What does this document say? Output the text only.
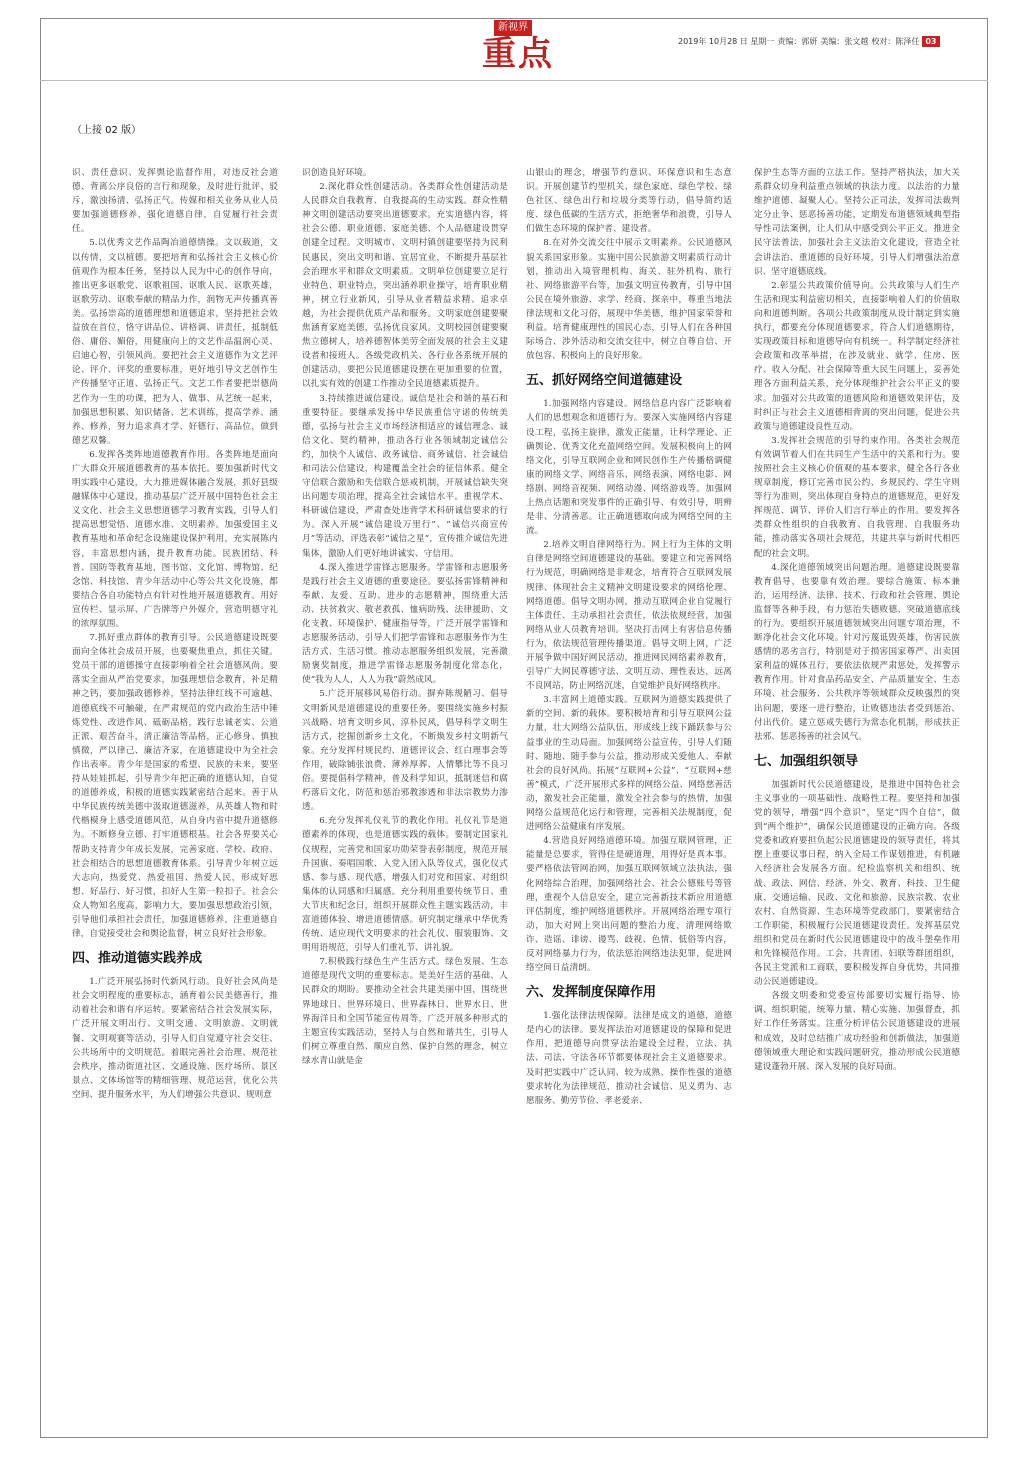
新视界
重点	2019年 10月28 日 星期一 责编：郭妍 美编：张文越 校对：陈泽任 03
（上接 02 版）

识、责任意识、发挥舆论监督作用，对违反社会道德、背离公序良俗的言行和现象，及时进行批评、驳斥，激浊扬清、弘扬正气。传媒和相关业务从业人员要加强道德修养，强化道德自律，自觉履行社会责任。

5.以优秀文艺作品陶冶道德情操。文以载道，文以传情，文以植德。要把培育和弘扬社会主义核心价值观作为根本任务，坚持以人民为中心的创作导向，推出更多讴歌党、讴歌祖国、讴歌人民、讴歌英雄，讴歌劳动、讴歌奉献的精品力作，润物无声传播真善美。弘扬崇高的道德理想和道德追求，坚持把社会效益放在首位，恪守讲品位、讲格调、讲责任，抵制低俗、庸俗、媚俗，用健康向上的文艺作品温润心灵、启迪心智，引领风尚。要把社会主义道德作为文艺评论、评介、评奖的重要标准，更好地引导文艺创作生产传播坚守正道、弘扬正气。文艺工作者要把崇德尚艺作为一生的功课，把为人、做事、从艺统一起来，加强思想积累、知识储备、艺术训练，提高学养、涵养、修养，努力追求真才学、好德行、高品位，做到德艺双馨。

6.发挥各类阵地道德教育作用。各类阵地是面向广大群众开展道德教育的基本依托。要加强新时代文明实践中心建设，大力推进媒体融合发展，抓好县级融媒体中心建设，推动基层广泛开展中国特色社会主义文化、社会主义思想道德学习教育实践，引导人们提高思想觉悟、道德水准、文明素养。加强爱国主义教育基地和革命纪念设施建设保护利用，充实展陈内容，丰富思想内涵，提升教育功能。民族团结、科普、国防等教育基地，图书馆、文化馆、博物馆、纪念馆、科技馆、青少年活动中心等公共文化设施，都要结合各自功能特点有针对性地开展道德教育。用好宣传栏、显示屏、广告牌等户外媒介，营造明德守礼的浓厚氛围。

7.抓好重点群体的教育引导。公民道德建设既要面向全体社会成员开展，也要聚焦重点，抓住关键。党员干部的道德操守直接影响着全社会道德风尚。要落实全面从严治党要求，加强理想信念教育，补足精神之钙，要加强政德修养，坚持法律红线不可逾越、道德底线不可触碰，在严肃规范的党内政治生活中锤炼党性、改进作风、砥砺品格，践行忠诚老实、公道正派、艰苦奋斗，清正廉洁等品格，正心修身、慎独慎微，严以律己、廉洁齐家，在道德建设中为全社会作出表率。青少年是国家的希望、民族的未来，要坚持从娃娃抓起，引导青少年把正确的道德认知，自觉的道德养成，积极的道德实践紧密结合起来。善于从中华民族传统美德中汲取道德滋养，从英雄人物和时代楷模身上感受道德风范，从自身内省中提升道德修为。不断修身立德、打牢道德根基。社会各界要关心帮助支持青少年成长发展，完善家庭、学校、政府、社会相结合的思想道德教育体系。引导青少年树立远大志向，热爱党、热爱祖国、热爱人民，形成好思想、好品行、好习惯，扣好人生第一粒扣子。社会公众人物知名度高，影响力大，要加强思想政治引领，引导他们承担社会责任，加强道德修养，注重道德自律，自觉接受社会和舆论监督，树立良好社会形象。

四、推动道德实践养成

1.广泛开展弘扬时代新风行动。良好社会风尚是社会文明程度的重要标志，涵育着公民美德善行，推动着社会和谐有序运转。要紧密结合社会发展实际，广泛开展文明出行、文明交通、文明旅游、文明就餐、文明观赛等活动，引导人们自觉遵守社会交往、公共场所中的文明规范。着眼完善社会治理、规范社会秩序，推动街道社区、交通设施、医疗场所、景区景点、文体场馆等的精细管理、规范运营，优化公共空间、提升服务水平，为人们增强公共意识、规则意

识创造良好环境。

2.深化群众性创建活动。各类群众性创建活动是人民群众自我教育、自我提高的生动实践。群众性精神文明创建活动要突出道德要求。充实道德内容，将社会公德、职业道德、家庭美德、个人品德建设贯穿创建全过程。文明城市、文明村镇创建要坚持为民利民惠民，突出文明和谐、宜居宜业，不断提升基层社会治理水平和群众文明素质。文明单位创建要立足行业特色、职业特点，突出涵养职业操守，培育职业精神，树立行业新风，引导从业者精益求精、追求卓越，为社会提供优质产品和服务。文明家庭创建要聚焦涵育家庭美德，弘扬优良家风。文明校园创建要聚焦立德树人，培养德智体美劳全面发展的社会主义建设者和接班人。各级党政机关、各行业各系统开展的创建活动，要把公民道德建设摆在更加重要的位置，以扎实有效的创建工作推动全民道德素质提升。

3.持续推进诚信建设。诚信是社会和谐的基石和重要特征。要继承发扬中华民族重信守诺的传统美德，弘扬与社会主义市场经济相适应的诚信理念、诚信文化、契约精神，推动各行业各领域制定诚信公约，加快个人诚信、政务诚信、商务诚信、社会诚信和司法公信建设，构建覆盖全社会的征信体系。健全守信联合激励和失信联合惩戒机制，开展诚信缺失突出问题专项治理，提高全社会诚信水平。重视学术、科研诚信建设，严肃查处违背学术科研诚信要求的行为。深入开展“诚信建设万里行”、“诚信兴商宣传月”等活动，评选表彰“诚信之星”，宣传推介诚信先进集体，激励人们更好地讲诚实、守信用。

4.深入推进学雷锋志愿服务。学雷锋和志愿服务是践行社会主义道德的重要途径。要弘扬雷锋精神和奉献、友爱、互助、进步的志愿精神，围绕重大活动、扶贫救灾、敬老救孤、恤病助残、法律援助、文化支教、环境保护、健康指导等，广泛开展学雷锋和志愿服务活动，引导人们把学雷锋和志愿服务作为生活方式、生活习惯。推动志愿服务组织发展，完善激励褒奖制度，推进学雷锋志愿服务制度化常态化，使“我为人人，人人为我”蔚然成风。

5.广泛开展移风易俗行动。摒弃陈规陋习、倡导文明新风是道德建设的重要任务。要围绕实施乡村振兴战略、培育文明乡风、淳朴民风，倡导科学文明生活方式，挖掘创新乡土文化，不断焕发乡村文明新气象。充分发挥村规民约、道德评议会、红白理事会等作用，破除铺张浪费、薄养厚葬、人情攀比等不良习俗。要提倡科学精神，普及科学知识，抵制迷信和腐朽落后文化，防范和惩治邪教渗透和非法宗教势力渗透。

6.充分发挥礼仪礼节的教化作用。礼仪礼节是道德素养的体现，也是道德实践的载体。要制定国家礼仪规程，完善党和国家功勋荣誉表彰制度，规范开展升国旗、奏唱国歌、入党入团入队等仪式，强化仪式感、参与感、现代感，增强人们对党和国家、对组织集体的认同感和归属感。充分利用重要传统节日、重大节庆和纪念日，组织开展群众性主题实践活动，丰富道德体验、增进道德情感。研究制定继承中华优秀传统、适应现代文明要求的社会礼仪、服装服饰、文明用语规范，引导人们重礼节、讲礼貌。

7.积极践行绿色生产生活方式。绿色发展、生态道德是现代文明的重要标志。是美好生活的基础、人民群众的期盼。要推动全社会共建美丽中国，围绕世界地球日、世界环境日、世界森林日、世界水日、世界海洋日和全国节能宣传周等，广泛开展多种形式的主题宣传实践活动，坚持人与自然和谐共生，引导人们树立尊重自然、顺应自然、保护自然的理念，树立绿水青山就是金

山银山的理念，增强节约意识、环保意识和生态意识。开展创建节约型机关、绿色家庭、绿色学校、绿色社区、绿色出行和垃圾分类等行动，倡导简约适度、绿色低碳的生活方式，拒绝奢华和浪费，引导人们做生态环境的保护者、建设者。

8.在对外交流交往中展示文明素养。公民道德风貌关系国家形象。实施中国公民旅游文明素质行动计划，推动出入境管理机构、海关、驻外机构、旅行社、网络旅游平台等，加强文明宣传教育，引导中国公民在境外旅游、求学、经商、探亲中，尊重当地法律法规和文化习俗，展现中华美德，维护国家荣誉和利益。培育健康理性的国民心态，引导人们在各种国际场合、涉外活动和交流交往中，树立自尊自信、开放包容、积极向上的良好形象。

五、抓好网络空间道德建设

1.加强网络内容建设。网络信息内容广泛影响着人们的思想观念和道德行为。要深入实施网络内容建设工程，弘扬主旋律，激发正能量，让科学理论、正确舆论、优秀文化充盈网络空间。发展积极向上的网络文化，引导互联网企业和网民创作生产传播格调健康的网络文学、网络音乐、网络表演、网络电影、网络剧、网络音视频、网络动漫、网络游戏等。加强网上热点话题和突发事件的正确引导、有效引导，明辨是非、分清善恶。让正确道德取向成为网络空间的主流。

2.培养文明自律网络行为。网上行为主体的文明自律是网络空间道德建设的基础。要建立和完善网络行为规范，明确网络是非观念，培育符合互联网发展规律、体现社会主义精神文明建设要求的网络伦理、网络道德。倡导文明办网，推动互联网企业自觉履行主体责任、主动承担社会责任，依法依规经营，加强网络从业人员教育培训。坚决打击网上有害信息传播行为，依法规范管理传播渠道。倡导文明上网，广泛开展争做中国好网民活动，推进网民网络素养教育，引导广大网民尊德守法、文明互动、理性表达，远离不良网站，防止网络沉迷，自觉维护良好网络秩序。

3.丰富网上道德实践。互联网为道德实践提供了新的空间、新的载体。要积极培育和引导互联网公益力量，壮大网络公益队伍，形成线上线下踊跃参与公益事业的生动局面。加强网络公益宣传，引导人们随时、随地、随手参与公益，推动形成关爱他人、奉献社会的良好风尚。拓展“互联网+公益”、“互联网+慈善”模式，广泛开展形式多样的网络公益、网络慈善活动，激发社会正能量，激发全社会参与的热情，加强网络公益规范化运行和管理，完善相关法规制度，促进网络公益健康有序发展。

4.营造良好网络道德环境。加强互联网管理，正能量是总要求，管得住是硬道理，用得好是真本事。要严格依法管网治网，加强互联网领域立法执法，强化网络综合治理，加强网络社会、社会公德账号等管理，重视个人信息安全，建立完善新技术新应用道德评估制度，维护网络道德秩序。开展网络治理专项行动，加大对网上突出问题的整治力度，清理网络欺诈、造谣、诽谤、谩骂、歧视、色情、低俗等内容，反对网络暴力行为，依法惩治网络违法犯罪，促进网络空间日益清朗。

六、发挥制度保障作用

1.强化法律法规保障。法律是成文的道德，道德是内心的法律。要发挥法治对道德建设的保障和促进作用，把道德导向贯穿法治建设全过程，立法、执法、司法、守法各环节都要体现社会主义道德要求。及时把实践中广泛认同、较为成熟、操作性强的道德要求转化为法律规范，推动社会诚信、见义勇为、志愿服务、勤劳节俭、孝老爱亲、

保护生态等方面的立法工作。坚持严格执法，加大关系群众切身利益重点领域的执法力度。以法治的力量维护道德、凝聚人心。坚持公正司法，发挥司法裁判定分止争、惩恶扬善功能，定期发布道德领域典型指导性司法案例，让人们从中感受到公平正义。推进全民守法普法，加强社会主义法治文化建设，营造全社会讲法治、重道德的良好环境，引导人们增强法治意识、坚守道德底线。

2.彰显公共政策价值导向。公共政策与人们生产生活和现实利益密切相关，直接影响着人们的价值取向和道德判断。各项公共政策制度从设计制定到实施执行，都要充分体现道德要求，符合人们道德期待，实现政策目标和道德导向有机统一。科学制定经济社会政策和改革举措，在涉及就业、就学、住房、医疗、收入分配、社会保障等重大民生问题上，妥善处理各方面利益关系，充分体现维护社会公平正义的要求。加强对公共政策的道德风险和道德效果评估，及时纠正与社会主义道德相背离的突出问题，促进公共政策与道德建设良性互动。

3.发挥社会规范的引导约束作用。各类社会规范有效调节着人们在共同生产生活中的关系和行为。要按照社会主义核心价值观的基本要求，健全各行各业规章制度，修订完善市民公约、乡规民约、学生守则等行为准则，突出体现自身特点的道德规范，更好发挥规范、调节、评价人们言行举止的作用。要发挥各类群众性组织的自我教育、自我管理、自我服务功能，推动落实各项社会规范，共建共享与新时代相匹配的社会文明。

4.深化道德领域突出问题治理。道德建设既要靠教育倡导，也要靠有效治理。要综合施策、标本兼治，运用经济、法律、技术、行政和社会管理、舆论监督等各种手段，有力惩治失德败德、突破道德底线的行为。要组织开展道德领域突出问题专项治理，不断净化社会文化环境。针对污蔑诋毁英雄，伤害民族感情的恶劣言行，特别是对于损害国家尊严、出卖国家利益的媒体丑行，要依法依规严肃惩处，发挥警示教育作用。针对食品药品安全、产品质量安全、生态环境、社会服务、公共秩序等领域群众反映强烈的突出问题，要逐一进行整治，让败德违法者受到惩治、付出代价。建立惩戒失德行为常态化机制，形成扶正祛邪、惩恶扬善的社会风气。

七、加强组织领导

加强新时代公民道德建设，是推进中国特色社会主义事业的一项基础性、战略性工程。要坚持和加强党的领导，增强“四个意识”，坚定“四个自信”，做到“两个维护”，确保公民道德建设的正确方向。各级党委和政府要担负起公民道德建设的领导责任，将其摆上重要议事日程，纳入全局工作谋划推进，有机融入经济社会发展各方面。纪检监察机关和组织、统战、政法、网信、经济、外交、教育、科技、卫生健康、交通运输、民政、文化和旅游、民族宗教、农业农村、自然资源、生态环境等党政部门，要紧密结合工作职能，积极履行公民道德建设责任。发挥基层党组织和党员在新时代公民道德建设中的战斗堡垒作用和先锋模范作用。工会、共青团、妇联等群团组织，各民主党派和工商联，要积极发挥自身优势，共同推动公民道德建设。

各级文明委和党委宣传部要切实履行指导、协调、组织职能，统筹力量、精心实施、加强督查，抓好工作任务落实。注重分析评估公民道德建设的进展和成效，及时总结推广成功经验和创新做法，加强道德领域重大理论和实践问题研究，推动形成公民道德建设蓬勃开展、深入发展的良好局面。
